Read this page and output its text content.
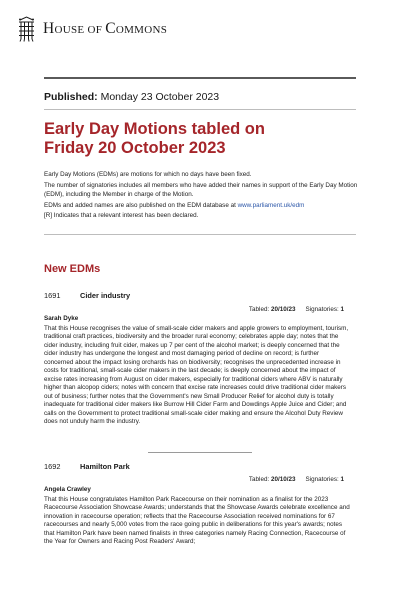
HOUSE OF COMMONS
Published: Monday 23 October 2023
Early Day Motions tabled on
Friday 20 October 2023
Early Day Motions (EDMs) are motions for which no days have been fixed.
The number of signatories includes all members who have added their names in support of the Early Day Motion (EDM), including the Member in charge of the Motion.
EDMs and added names are also published on the EDM database at www.parliament.uk/edm
[R] Indicates that a relevant interest has been declared.
New EDMs
1691	Cider industry
Tabled: 20/10/23 Signatories: 1
Sarah Dyke
That this House recognises the value of small-scale cider makers and apple growers to employment, tourism, traditional craft practices, biodiversity and the broader rural economy; celebrates apple day; notes that the cider industry, including fruit cider, makes up 7 per cent of the alcohol market; is deeply concerned that the cider industry has undergone the longest and most damaging period of decline on record; is further concerned about the impact losing orchards has on biodiversity; recognises the unprecedented increase in costs for traditional, small-scale cider makers in the last decade; is deeply concerned about the impact of excise rates increasing from August on cider makers, especially for traditional ciders where ABV is naturally higher than alcopop ciders; notes with concern that excise rate increases could drive traditional cider makers out of business; further notes that the Government's new Small Producer Relief for alcohol duty is totally inadequate for traditional cider makers like Burrow Hill Cider Farm and Dowdings Apple Juice and Cider; and calls on the Government to protect traditional small-scale cider making and ensure the Alcohol Duty Review does not unduly harm the industry.
1692	Hamilton Park
Tabled: 20/10/23 Signatories: 1
Angela Crawley
That this House congratulates Hamilton Park Racecourse on their nomination as a finalist for the 2023 Racecourse Association Showcase Awards; understands that the Showcase Awards celebrate excellence and innovation in racecourse operation; reflects that the Racecourse Association received nominations for 67 racecourses and nearly 5,000 votes from the race going public in deliberations for this year's awards; notes that Hamilton Park have been named finalists in three categories namely Racing Connection, Racecourse of the Year for Owners and Racing Post Readers' Award;
